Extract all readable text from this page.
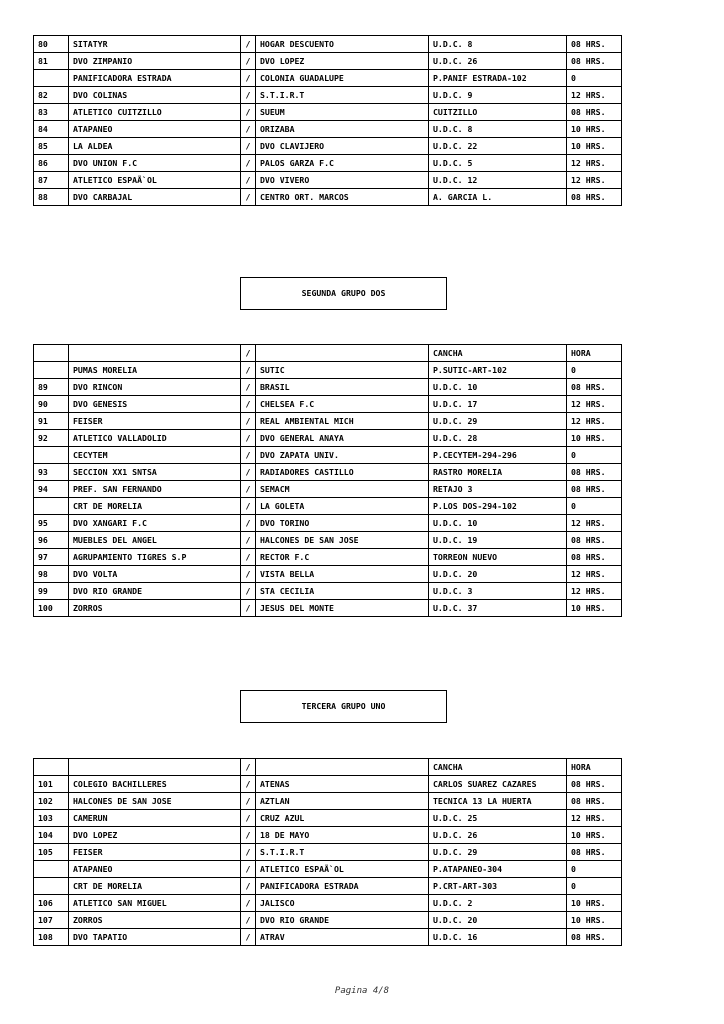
80	SITATYR	/	HOGAR DESCUENTO	U.D.C. 8	08 HRS.
81	DVO ZIMPANIO	/	DVO LOPEZ	U.D.C. 26	08 HRS.
	PANIFICADORA ESTRADA	/	COLONIA GUADALUPE	P.PANIF ESTRADA-102	0
82	DVO COLINAS	/	S.T.I.R.T	U.D.C. 9	12 HRS.
83	ATLETICO CUITZILLO	/	SUEUM	CUITZILLO	08 HRS.
84	ATAPANEO	/	ORIZABA	U.D.C. 8	10 HRS.
85	LA ALDEA	/	DVO CLAVIJERO	U.D.C. 22	10 HRS.
86	DVO UNION F.C	/	PALOS GARZA F.C	U.D.C. 5	12 HRS.
87	ATLETICO ESPAÃ`OL	/	DVO VIVERO	U.D.C. 12	12 HRS.
88	DVO CARBAJAL	/	CENTRO ORT. MARCOS	A. GARCIA L.	08 HRS.
SEGUNDA GRUPO DOS
		/		CANCHA	HORA
	PUMAS MORELIA	/	SUTIC	P.SUTIC-ART-102	0
89	DVO RINCON	/	BRASIL	U.D.C. 10	08 HRS.
90	DVO GENESIS	/	CHELSEA F.C	U.D.C. 17	12 HRS.
91	FEISER	/	REAL AMBIENTAL MICH	U.D.C. 29	12 HRS.
92	ATLETICO VALLADOLID	/	DVO GENERAL ANAYA	U.D.C. 28	10 HRS.
	CECYTEM	/	DVO ZAPATA UNIV.	P.CECYTEM-294-296	0
93	SECCION XX1 SNTSA	/	RADIADORES CASTILLO	RASTRO MORELIA	08 HRS.
94	PREF. SAN FERNANDO	/	SEMACM	RETAJO 3	08 HRS.
	CRT DE MORELIA	/	LA GOLETA	P.LOS DOS-294-102	0
95	DVO XANGARI F.C	/	DVO TORINO	U.D.C. 10	12 HRS.
96	MUEBLES DEL ANGEL	/	HALCONES DE SAN JOSE	U.D.C. 19	08 HRS.
97	AGRUPAMIENTO TIGRES S.P	/	RECTOR F.C	TORREON NUEVO	08 HRS.
98	DVO VOLTA	/	VISTA BELLA	U.D.C. 20	12 HRS.
99	DVO RIO GRANDE	/	STA CECILIA	U.D.C. 3	12 HRS.
100	ZORROS	/	JESUS DEL MONTE	U.D.C. 37	10 HRS.
TERCERA GRUPO UNO
		/		CANCHA	HORA
101	COLEGIO BACHILLERES	/	ATENAS	CARLOS SUAREZ CAZARES	08 HRS.
102	HALCONES DE SAN JOSE	/	AZTLAN	TECNICA 13 LA HUERTA	08 HRS.
103	CAMERUN	/	CRUZ AZUL	U.D.C. 25	12 HRS.
104	DVO LOPEZ	/	18 DE MAYO	U.D.C. 26	10 HRS.
105	FEISER	/	S.T.I.R.T	U.D.C. 29	08 HRS.
	ATAPANEO	/	ATLETICO ESPAÃ`OL	P.ATAPANEO-304	0
	CRT DE MORELIA	/	PANIFICADORA ESTRADA	P.CRT-ART-303	0
106	ATLETICO SAN MIGUEL	/	JALISCO	U.D.C. 2	10 HRS.
107	ZORROS	/	DVO RIO GRANDE	U.D.C. 20	10 HRS.
108	DVO TAPATIO	/	ATRAV	U.D.C. 16	08 HRS.
Pagina 4/8
